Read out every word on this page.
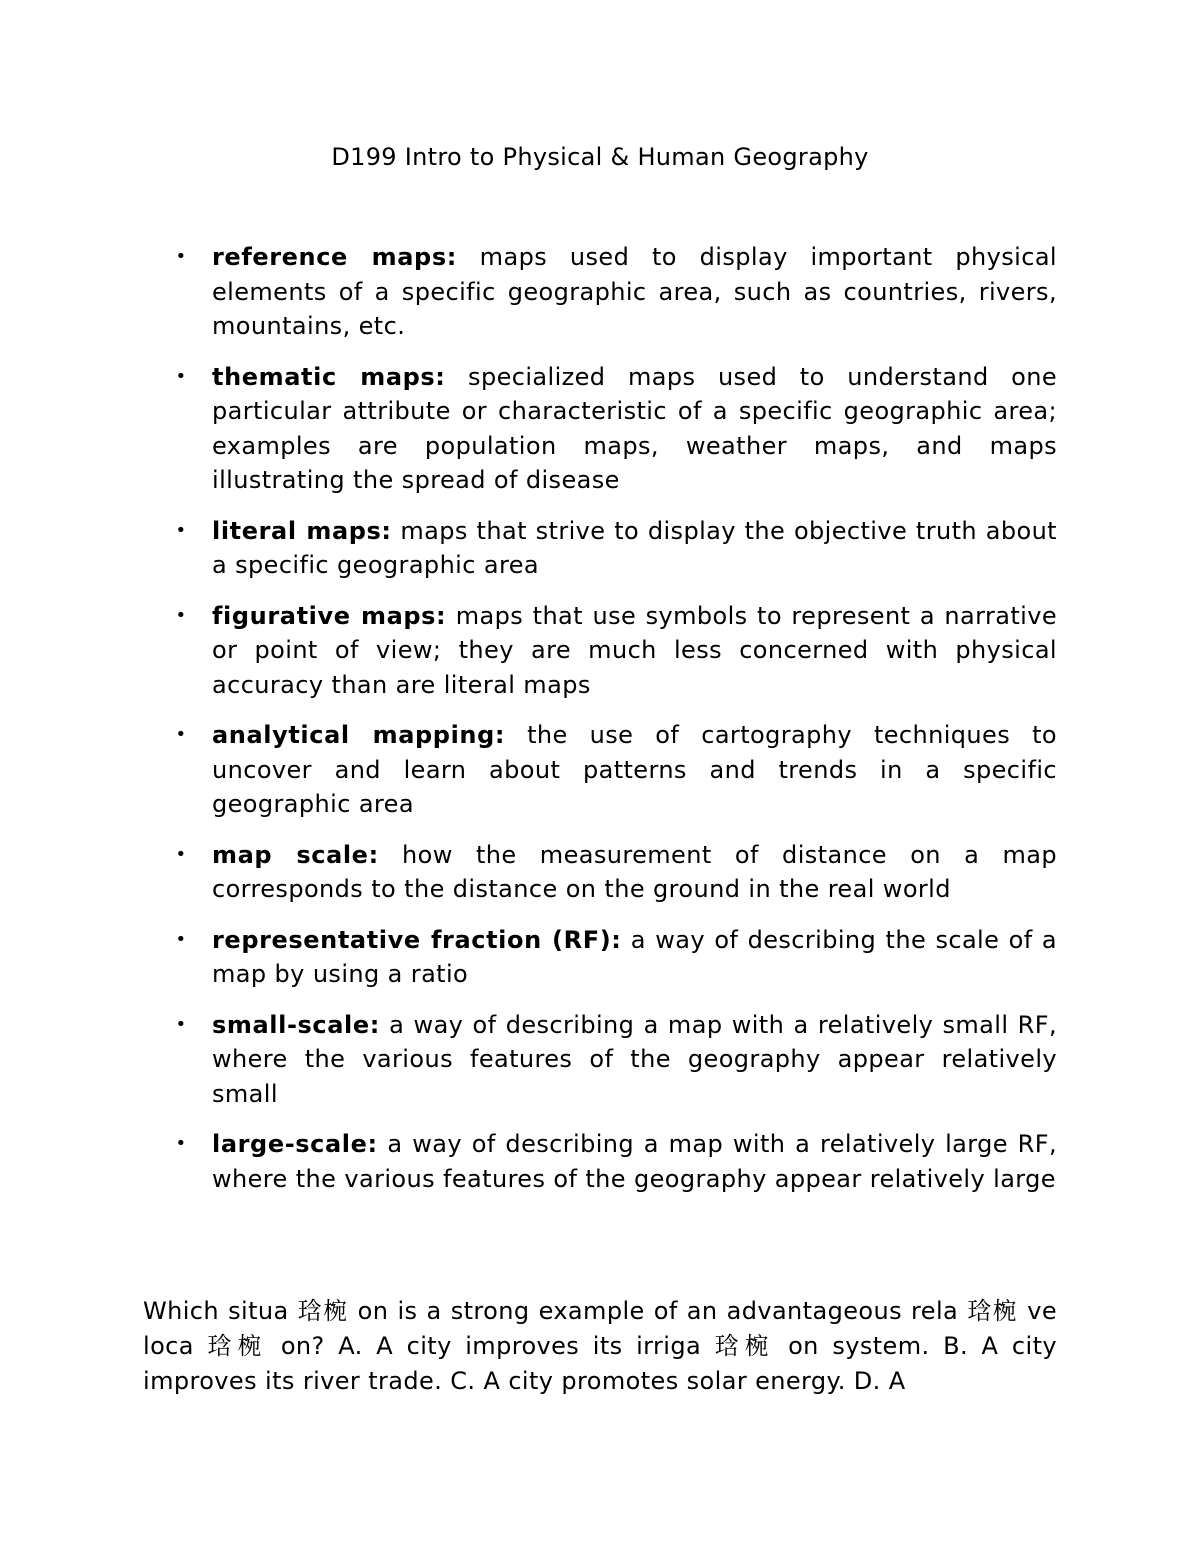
D199 Intro to Physical & Human Geography
• reference maps: maps used to display important physical elements of a specific geographic area, such as countries, rivers, mountains, etc.
• thematic maps: specialized maps used to understand one particular attribute or characteristic of a specific geographic area; examples are population maps, weather maps, and maps illustrating the spread of disease
• literal maps: maps that strive to display the objective truth about a specific geographic area
• figurative maps: maps that use symbols to represent a narrative or point of view; they are much less concerned with physical accuracy than are literal maps
• analytical mapping: the use of cartography techniques to uncover and learn about patterns and trends in a specific geographic area
• map scale: how the measurement of distance on a map corresponds to the distance on the ground in the real world
• representative fraction (RF): a way of describing the scale of a map by using a ratio
• small-scale: a way of describing a map with a relatively small RF, where the various features of the geography appear relatively small
• large-scale: a way of describing a map with a relatively large RF, where the various features of the geography appear relatively large

Which situa 琀椀 on is a strong example of an advantageous rela 琀椀 ve loca 琀椀 on? A. A city improves its irriga 琀椀 on system. B. A city improves its river trade. C. A city promotes solar energy. D. A
